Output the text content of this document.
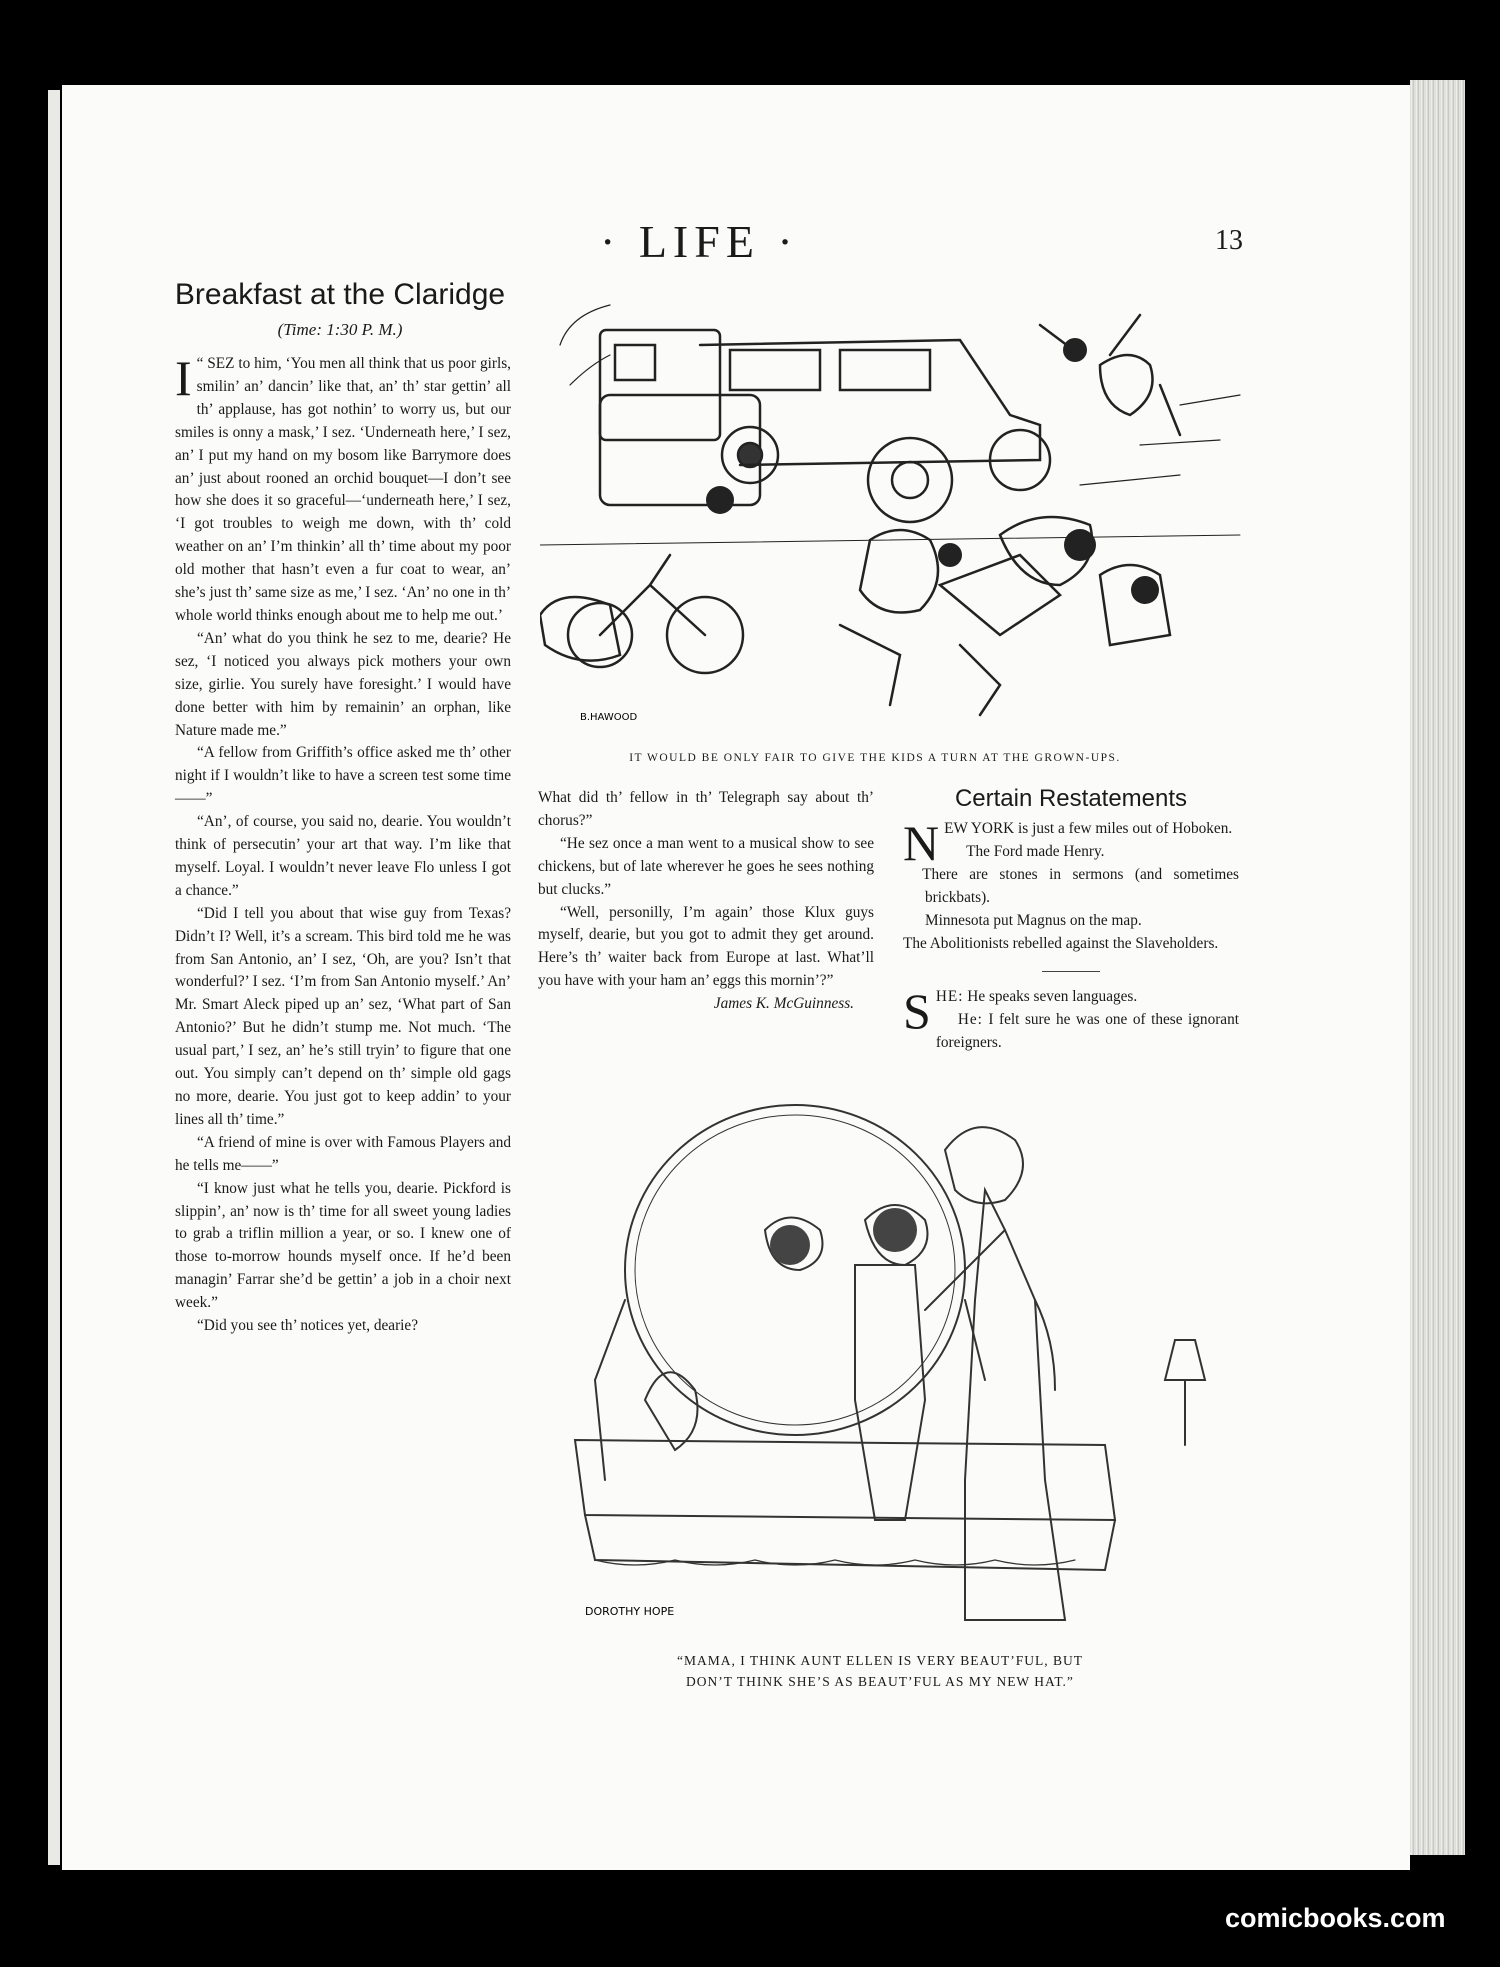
· LIFE ·	13
Breakfast at the Claridge
(Time: 1:30 P. M.)

“
I SEZ to him, ‘You men all think that us poor girls, smilin’ an’ dancin’ like that, an’ th’ star gettin’ all th’ applause, has got nothin’ to worry us, but our smiles is onny a mask,’ I sez. ‘Underneath here,’ I sez, an’ I put my hand on my bosom like Barrymore does an’ just about rooned an orchid bouquet—I don’t see how she does it so graceful—‘underneath here,’ I sez, ‘I got troubles to weigh me down, with th’ cold weather on an’ I’m thinkin’ all th’ time about my poor old mother that hasn’t even a fur coat to wear, an’ she’s just th’ same size as me,’ I sez. ‘An’ no one in th’ whole world thinks enough about me to help me out.’

“An’ what do you think he sez to me, dearie? He sez, ‘I noticed you always pick mothers your own size, girlie. You surely have foresight.’ I would have done better with him by remainin’ an orphan, like Nature made me.”

“A fellow from Griffith’s office asked me th’ other night if I wouldn’t like to have a screen test some time——”

“An’, of course, you said no, dearie. You wouldn’t think of persecutin’ your art that way. I’m like that myself. Loyal. I wouldn’t never leave Flo unless I got a chance.”

“Did I tell you about that wise guy from Texas? Didn’t I? Well, it’s a scream. This bird told me he was from San Antonio, an’ I sez, ‘Oh, are you? Isn’t that wonderful?’ I sez. ‘I’m from San Antonio myself.’ An’ Mr. Smart Aleck piped up an’ sez, ‘What part of San Antonio?’ But he didn’t stump me. Not much. ‘The usual part,’ I sez, an’ he’s still tryin’ to figure that one out. You simply can’t depend on th’ simple old gags no more, dearie. You just got to keep addin’ to your lines all th’ time.”

“A friend of mine is over with Famous Players and he tells me——”

“I know just what he tells you, dearie. Pickford is slippin’, an’ now is th’ time for all sweet young ladies to grab a triflin million a year, or so. I knew one of those to-morrow hounds myself once. If he’d been managin’ Farrar she’d be gettin’ a job in a choir next week.”

“Did you see th’ notices yet, dearie?

What did th’ fellow in th’ Telegraph say about th’ chorus?”

“He sez once a man went to a musical show to see chickens, but of late wherever he goes he sees nothing but clucks.”

“Well, personilly, I’m again’ those Klux guys myself, dearie, but you got to admit they get around. Here’s th’ waiter back from Europe at last. What’ll you have with your ham an’ eggs this mornin’?”

James K. McGuinness.

Certain Restatements

NEW YORK is just a few miles out of Hoboken.

The Ford made Henry.

There are stones in sermons (and sometimes brickbats).

Minnesota put Magnus on the map.

The Abolitionists rebelled against the Slaveholders.

SHE: He speaks seven languages.

He: I felt sure he was one of these ignorant foreigners.

B.HAWOOD
IT WOULD BE ONLY FAIR TO GIVE THE KIDS A TURN AT THE GROWN-UPS.
DOROTHY HOPE
“MAMA, I THINK AUNT ELLEN IS VERY BEAUT’FUL, BUT
DON’T THINK SHE’S AS BEAUT’FUL AS MY NEW HAT.”
comicbooks.com
